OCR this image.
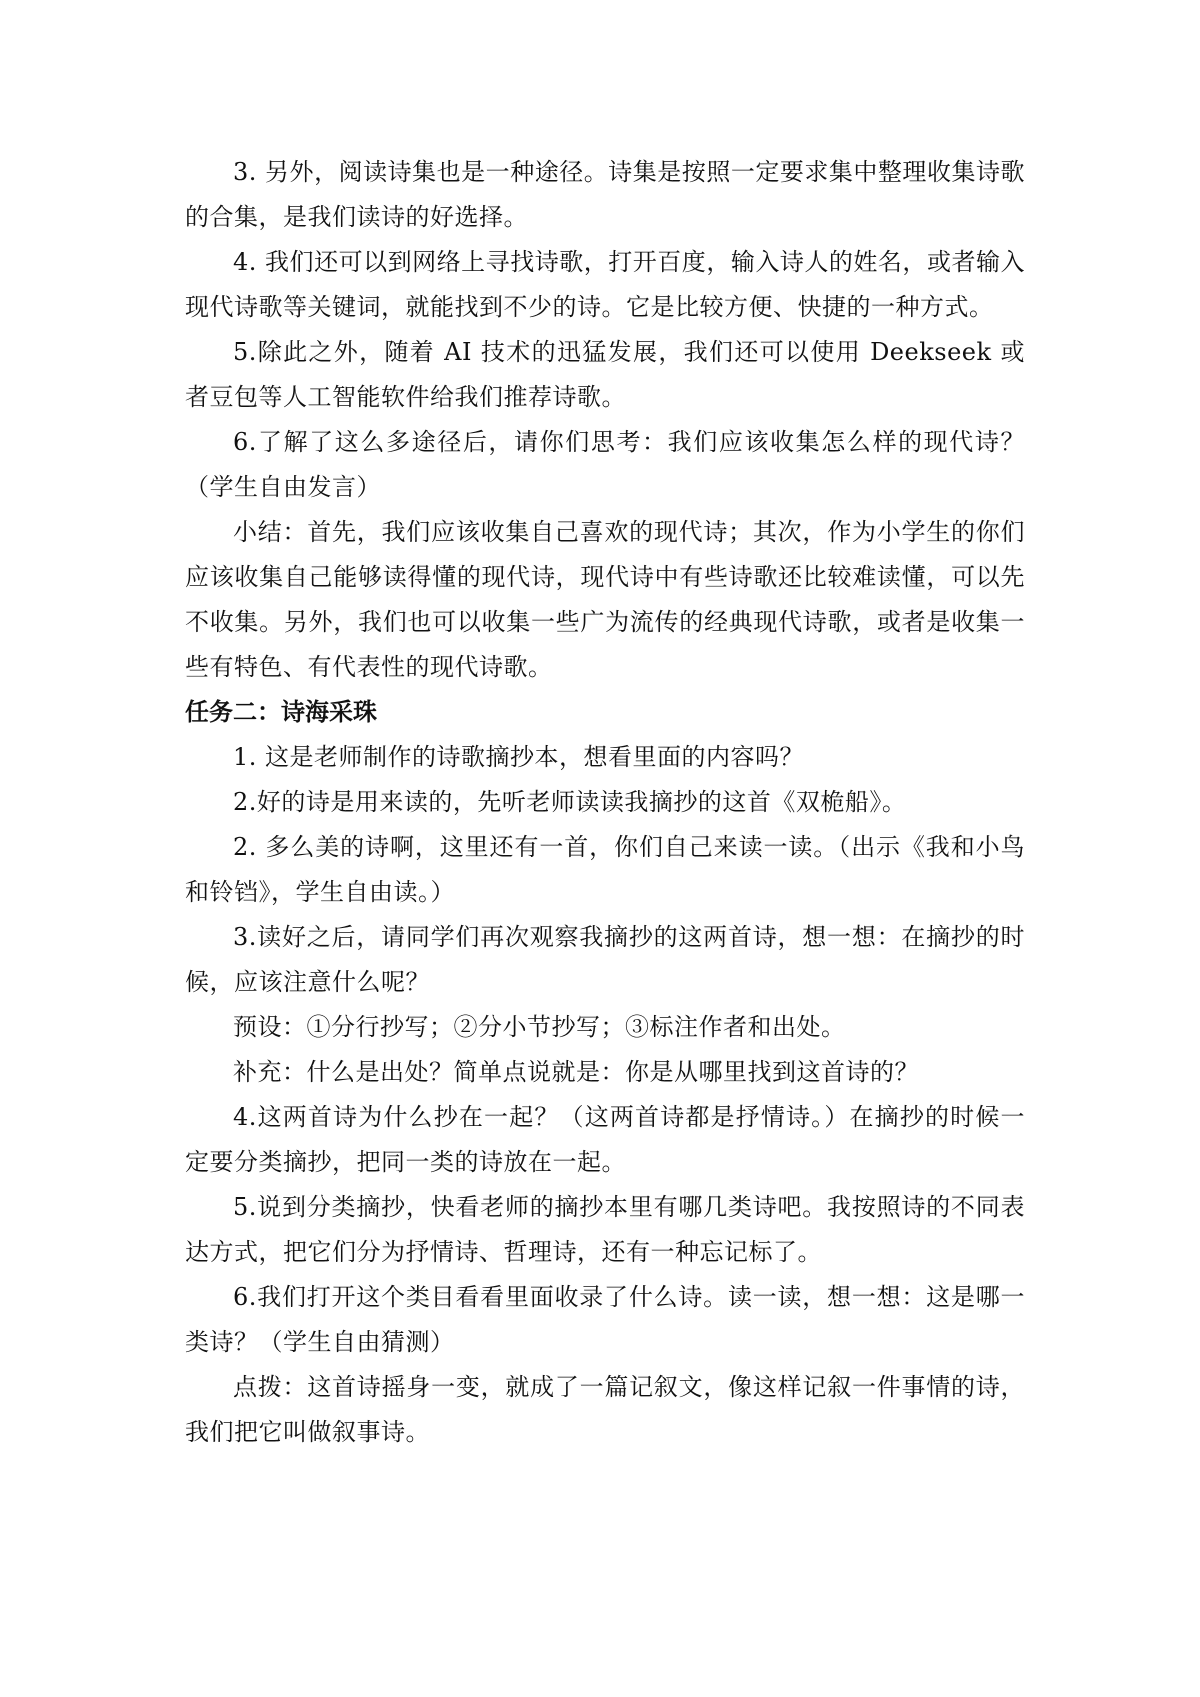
3. 另外，阅读诗集也是一种途径。诗集是按照一定要求集中整理收集诗歌的合集，是我们读诗的好选择。

4. 我们还可以到网络上寻找诗歌，打开百度，输入诗人的姓名，或者输入现代诗歌等关键词，就能找到不少的诗。它是比较方便、快捷的一种方式。

5.除此之外，随着 AI 技术的迅猛发展，我们还可以使用 Deekseek 或者豆包等人工智能软件给我们推荐诗歌。

6.了解了这么多途径后，请你们思考：我们应该收集怎么样的现代诗？（学生自由发言）

小结：首先，我们应该收集自己喜欢的现代诗；其次，作为小学生的你们应该收集自己能够读得懂的现代诗，现代诗中有些诗歌还比较难读懂，可以先不收集。另外，我们也可以收集一些广为流传的经典现代诗歌，或者是收集一些有特色、有代表性的现代诗歌。

任务二：诗海采珠

1. 这是老师制作的诗歌摘抄本，想看里面的内容吗？

2.好的诗是用来读的，先听老师读读我摘抄的这首《双桅船》。

2. 多么美的诗啊，这里还有一首，你们自己来读一读。（出示《我和小鸟和铃铛》，学生自由读。）

3.读好之后，请同学们再次观察我摘抄的这两首诗，想一想：在摘抄的时候，应该注意什么呢？

预设：①分行抄写；②分小节抄写；③标注作者和出处。

补充：什么是出处？简单点说就是：你是从哪里找到这首诗的？

4.这两首诗为什么抄在一起？（这两首诗都是抒情诗。）在摘抄的时候一定要分类摘抄，把同一类的诗放在一起。

5.说到分类摘抄，快看老师的摘抄本里有哪几类诗吧。我按照诗的不同表达方式，把它们分为抒情诗、哲理诗，还有一种忘记标了。

6.我们打开这个类目看看里面收录了什么诗。读一读，想一想：这是哪一类诗？（学生自由猜测）

点拨：这首诗摇身一变，就成了一篇记叙文，像这样记叙一件事情的诗，我们把它叫做叙事诗。
